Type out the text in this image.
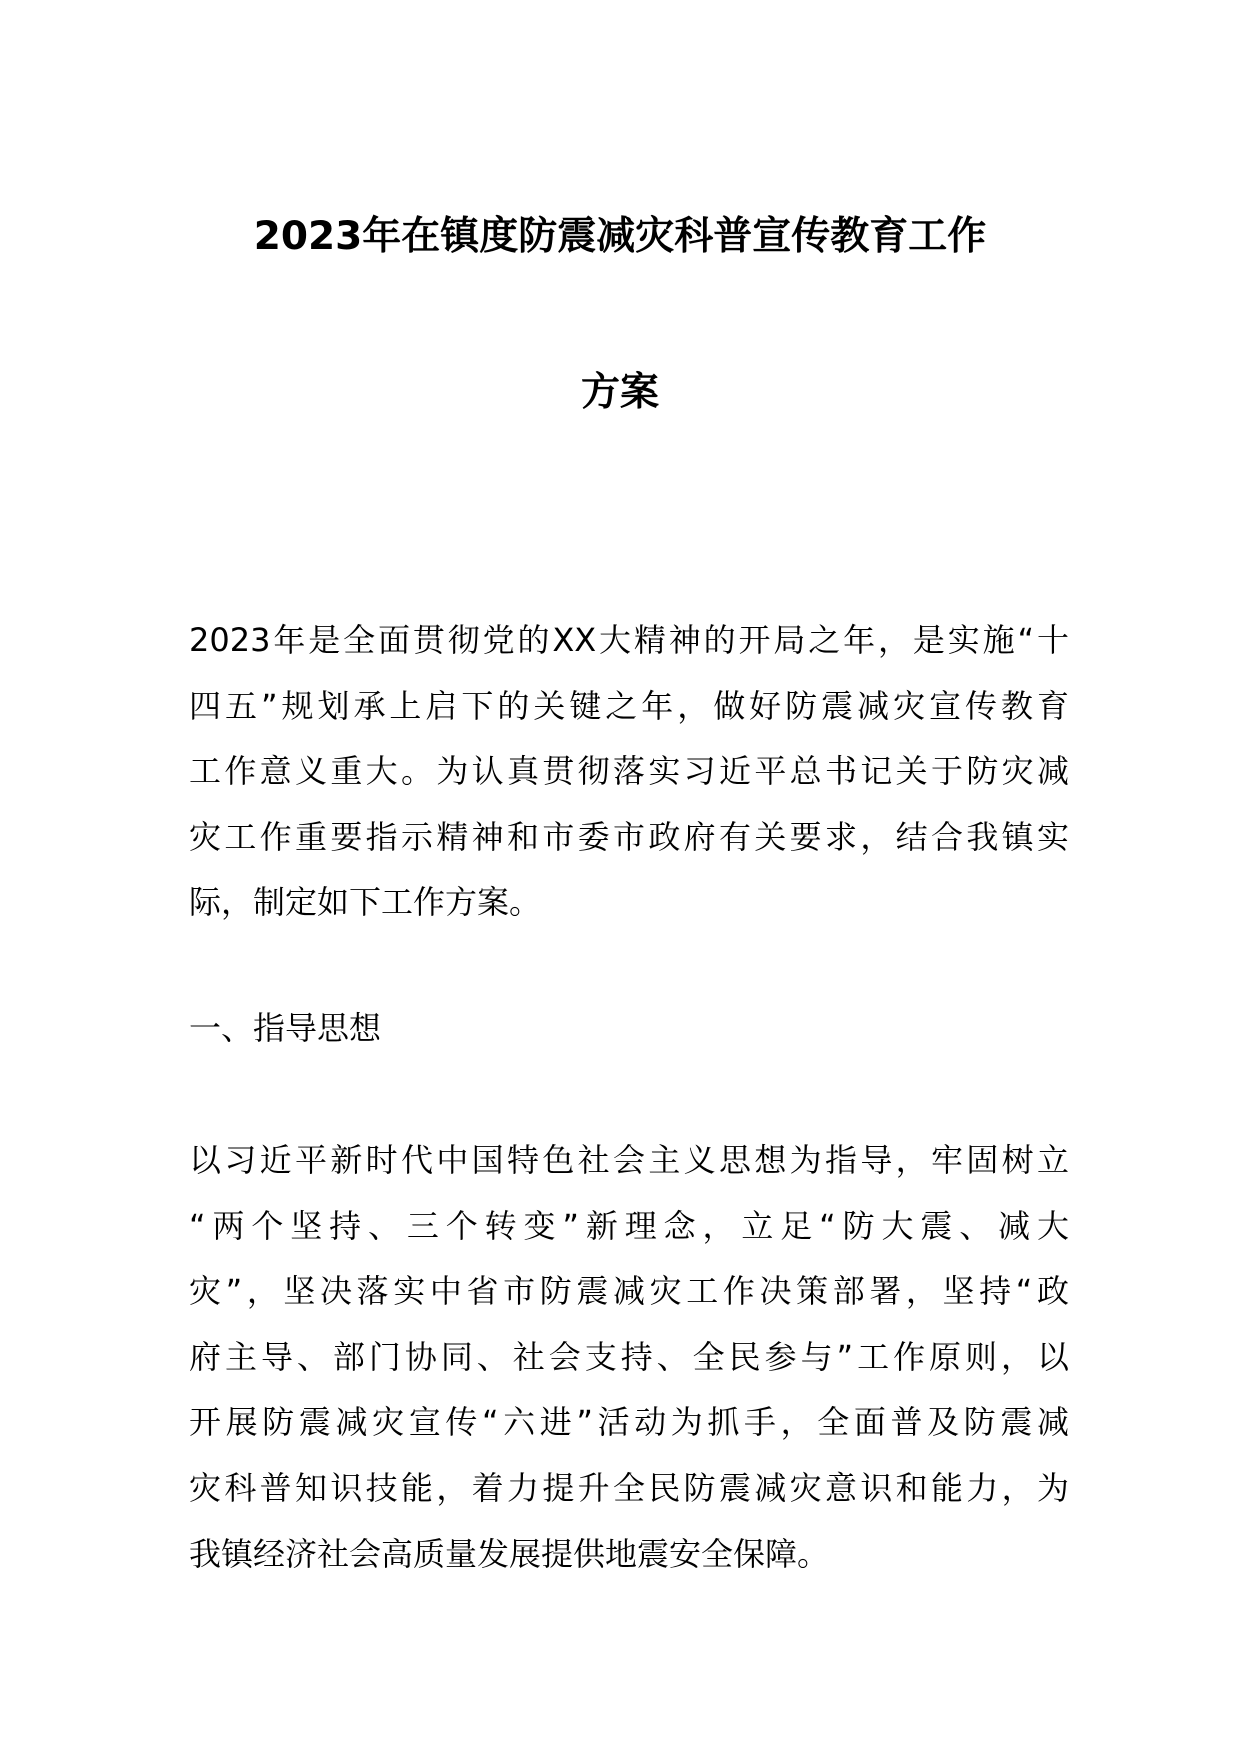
2023年在镇度防震减灾科普宣传教育工作
方案
2023年是全面贯彻党的XX大精神的开局之年，是实施“十
四五”规划承上启下的关键之年，做好防震减灾宣传教育
工作意义重大。为认真贯彻落实习近平总书记关于防灾减
灾工作重要指示精神和市委市政府有关要求，结合我镇实
际，制定如下工作方案。
一、指导思想
以习近平新时代中国特色社会主义思想为指导，牢固树立
“两个坚持、三个转变”新理念，立足“防大震、减大
灾”，坚决落实中省市防震减灾工作决策部署，坚持“政
府主导、部门协同、社会支持、全民参与”工作原则，以
开展防震减灾宣传“六进”活动为抓手，全面普及防震减
灾科普知识技能，着力提升全民防震减灾意识和能力，为
我镇经济社会高质量发展提供地震安全保障。
